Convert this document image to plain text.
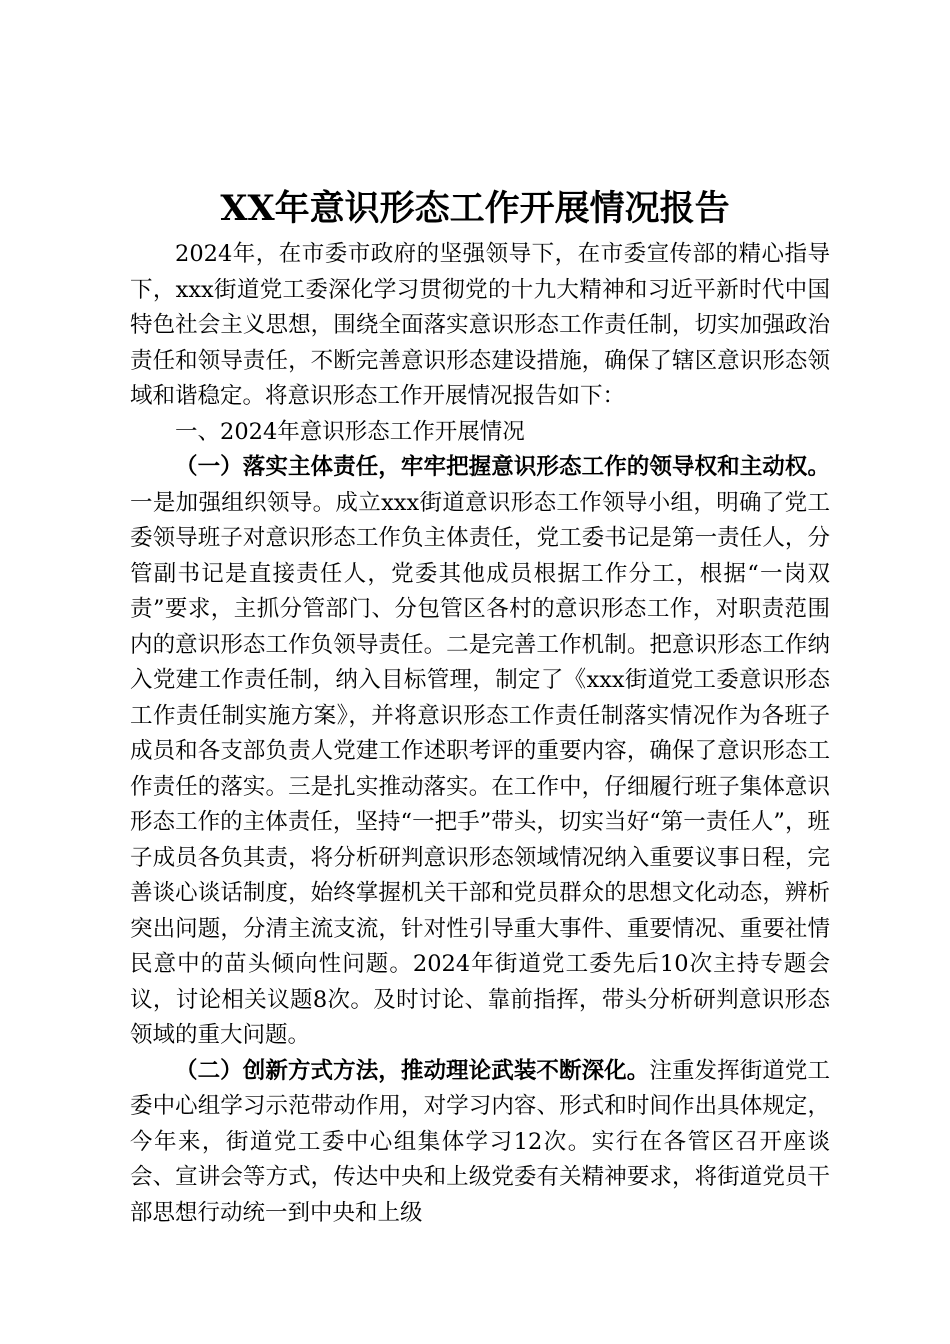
XX年意识形态工作开展情况报告

2024年，在市委市政府的坚强领导下，在市委宣传部的精心指导下，xxx街道党工委深化学习贯彻党的十九大精神和习近平新时代中国特色社会主义思想，围绕全面落实意识形态工作责任制，切实加强政治责任和领导责任，不断完善意识形态建设措施，确保了辖区意识形态领域和谐稳定。将意识形态工作开展情况报告如下：

一、2024年意识形态工作开展情况

（一）落实主体责任，牢牢把握意识形态工作的领导权和主动权。一是加强组织领导。成立xxx街道意识形态工作领导小组，明确了党工委领导班子对意识形态工作负主体责任，党工委书记是第一责任人，分管副书记是直接责任人，党委其他成员根据工作分工，根据“一岗双责”要求，主抓分管部门、分包管区各村的意识形态工作，对职责范围内的意识形态工作负领导责任。二是完善工作机制。把意识形态工作纳入党建工作责任制，纳入目标管理，制定了《xxx街道党工委意识形态工作责任制实施方案》，并将意识形态工作责任制落实情况作为各班子成员和各支部负责人党建工作述职考评的重要内容，确保了意识形态工作责任的落实。三是扎实推动落实。在工作中，仔细履行班子集体意识形态工作的主体责任，坚持“一把手”带头，切实当好“第一责任人”，班子成员各负其责，将分析研判意识形态领域情况纳入重要议事日程，完善谈心谈话制度，始终掌握机关干部和党员群众的思想文化动态，辨析突出问题，分清主流支流，针对性引导重大事件、重要情况、重要社情民意中的苗头倾向性问题。2024年街道党工委先后10次主持专题会议，讨论相关议题8次。及时讨论、靠前指挥，带头分析研判意识形态领域的重大问题。

（二）创新方式方法，推动理论武装不断深化。注重发挥街道党工委中心组学习示范带动作用，对学习内容、形式和时间作出具体规定，今年来，街道党工委中心组集体学习12次。实行在各管区召开座谈会、宣讲会等方式，传达中央和上级党委有关精神要求，将街道党员干部思想行动统一到中央和上级
